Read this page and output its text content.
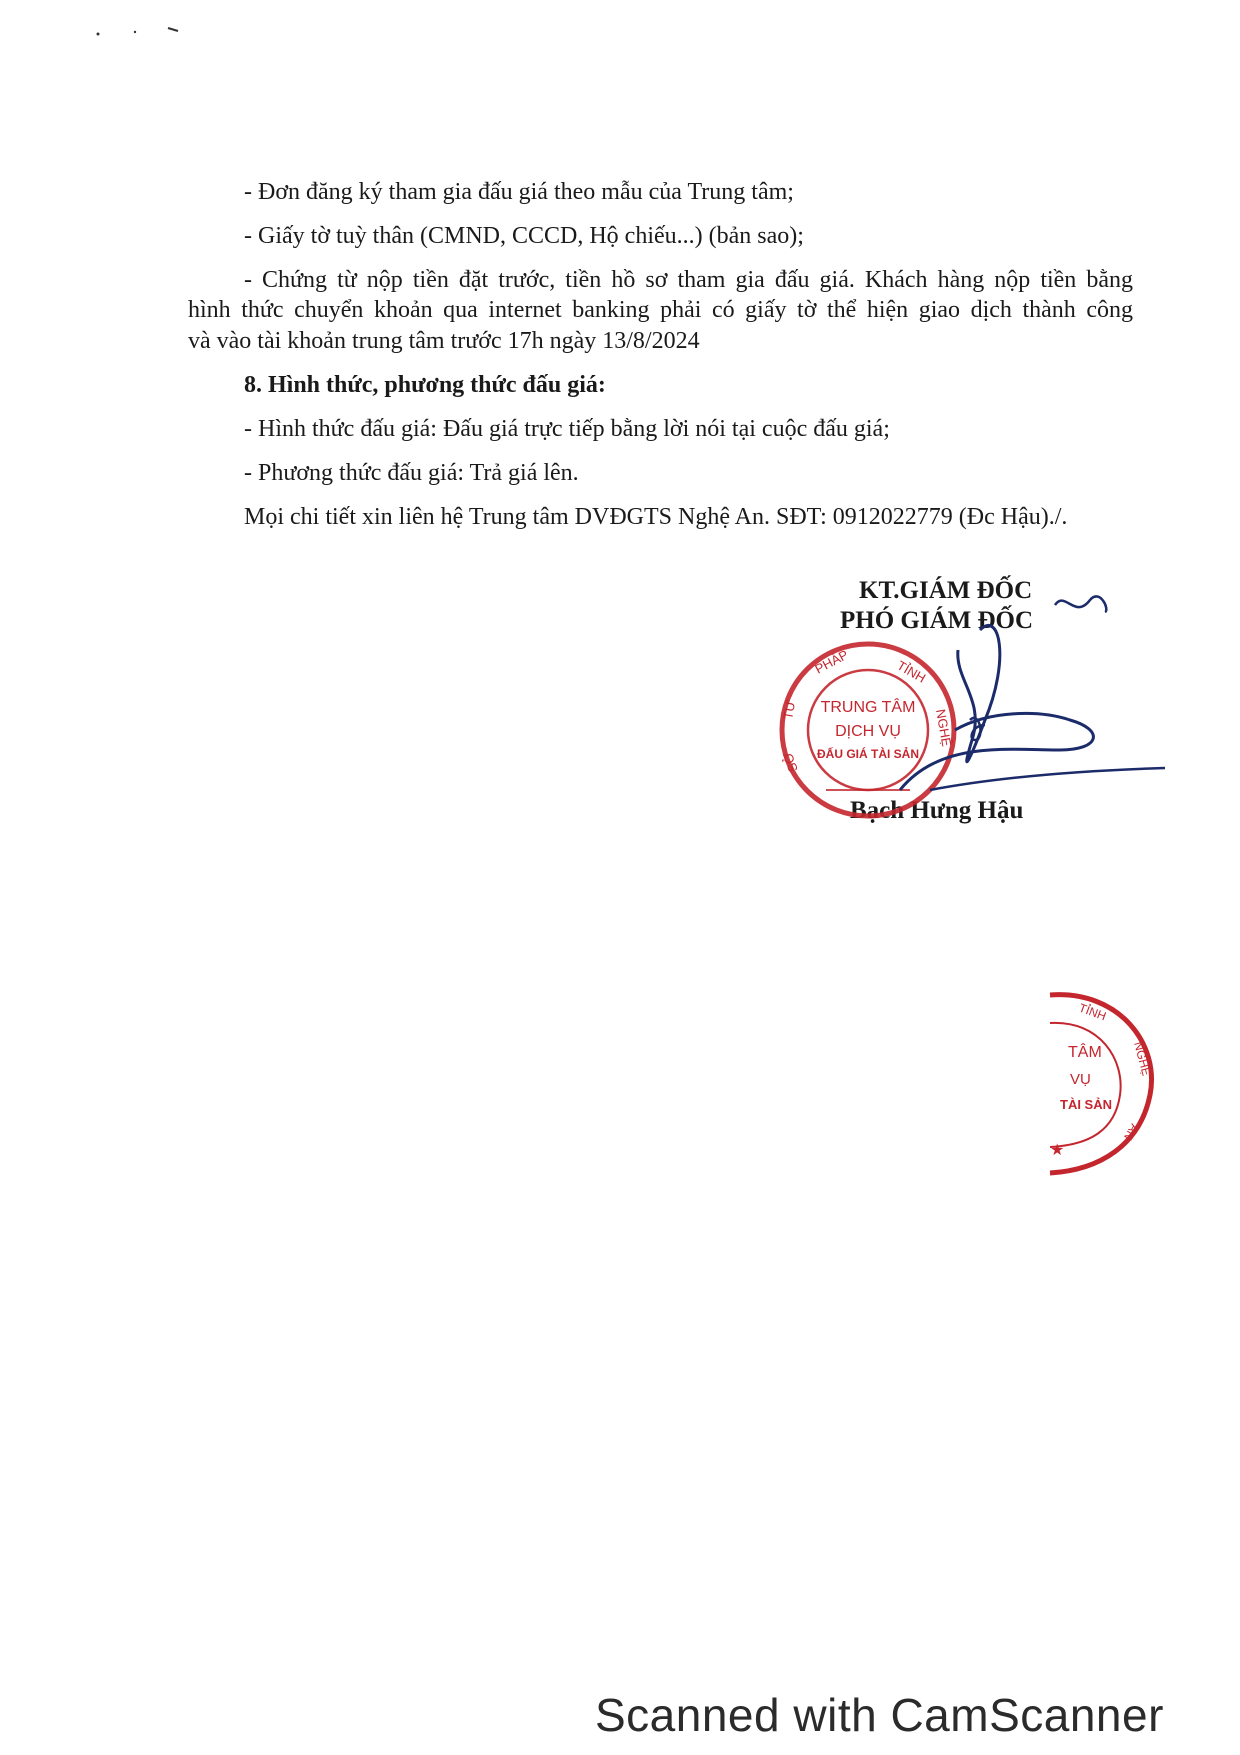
- Đơn đăng ký tham gia đấu giá theo mẫu của Trung tâm;
- Giấy tờ tuỳ thân (CMND, CCCD, Hộ chiếu...) (bản sao);
- Chứng từ nộp tiền đặt trước, tiền hồ sơ tham gia đấu giá. Khách hàng nộp tiền bằng
hình thức chuyển khoản qua internet banking phải có giấy tờ thể hiện giao dịch thành công
và vào tài khoản trung tâm trước 17h ngày 13/8/2024
8. Hình thức, phương thức đấu giá:
- Hình thức đấu giá: Đấu giá trực tiếp bằng lời nói tại cuộc đấu giá;
- Phương thức đấu giá: Trả giá lên.
Mọi chi tiết xin liên hệ Trung tâm DVĐGTS Nghệ An. SĐT: 0912022779 (Đc Hậu)./.
KT.GIÁM ĐỐC
PHÓ GIÁM ĐỐC
Bạch Hưng Hậu
PHÁP	TỈNH
NGHỆ
TƯ
SỞ
TRUNG TÂM
DỊCH VỤ
ĐẤU GIÁ TÀI SẢN
TỈNH
NGHỆ
AN
TÂM
VỤ
TÀI SẢN
★
Scanned with CamScanner
